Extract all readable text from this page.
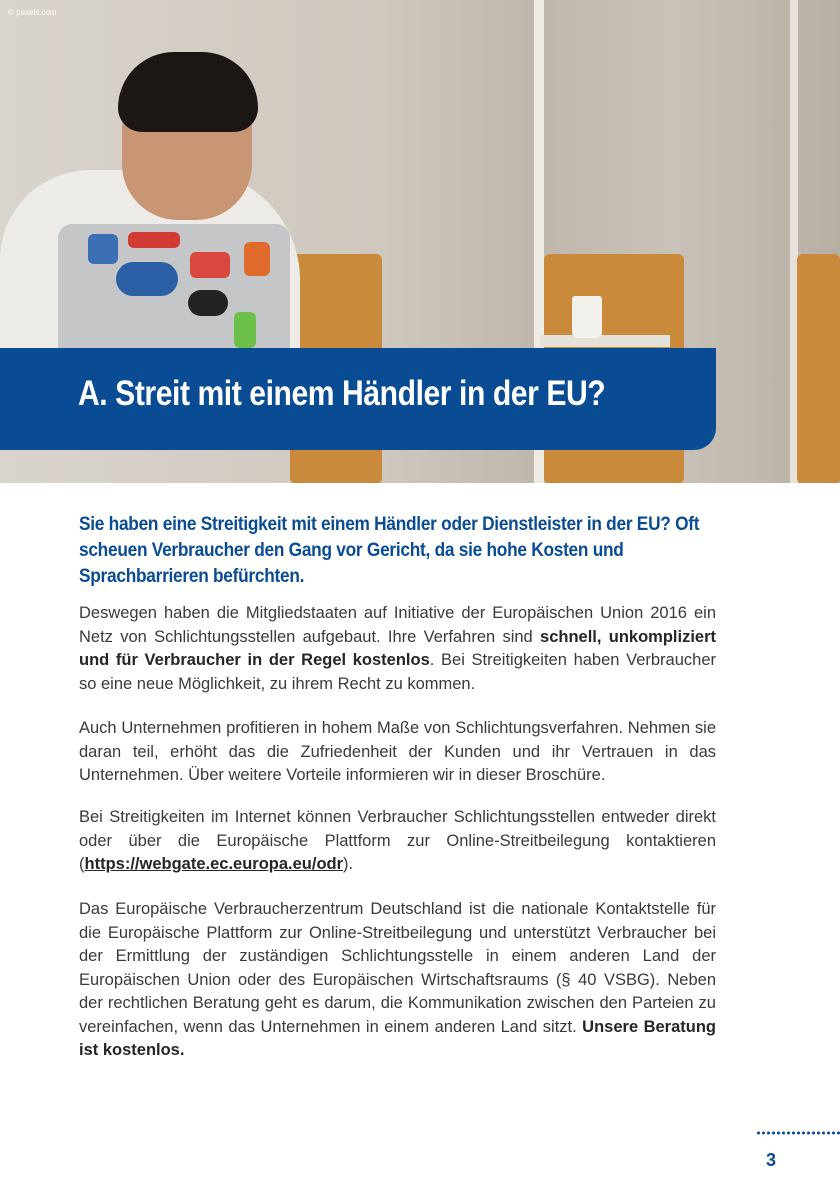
© pexels.com
A. Streit mit einem Händler in der EU?
Sie haben eine Streitigkeit mit einem Händler oder Dienstleister in der EU? Oft scheuen Verbraucher den Gang vor Gericht, da sie hohe Kosten und Sprachbarrieren befürchten.

Deswegen haben die Mitgliedstaaten auf Initiative der Europäischen Union 2016 ein Netz von Schlichtungsstellen aufgebaut. Ihre Verfahren sind schnell, unkompliziert und für Verbraucher in der Regel kostenlos. Bei Streitigkeiten haben Verbraucher so eine neue Möglichkeit, zu ihrem Recht zu kommen.

Auch Unternehmen profitieren in hohem Maße von Schlichtungsverfahren. Nehmen sie daran teil, erhöht das die Zufriedenheit der Kunden und ihr Vertrauen in das Unternehmen. Über weitere Vorteile informieren wir in dieser Broschüre.

Bei Streitigkeiten im Internet können Verbraucher Schlichtungsstellen entweder direkt oder über die Europäische Plattform zur Online-Streitbeilegung kontaktieren (https://webgate.ec.europa.eu/odr).

Das Europäische Verbraucherzentrum Deutschland ist die nationale Kontaktstelle für die Europäische Plattform zur Online-Streitbeilegung und unterstützt Verbraucher bei der Ermittlung der zuständigen Schlichtungsstelle in einem anderen Land der Europäischen Union oder des Europäischen Wirtschaftsraums (§ 40 VSBG). Neben der rechtlichen Beratung geht es darum, die Kommunikation zwischen den Parteien zu vereinfachen, wenn das Unternehmen in einem anderen Land sitzt. Unsere Beratung ist kostenlos.

3
